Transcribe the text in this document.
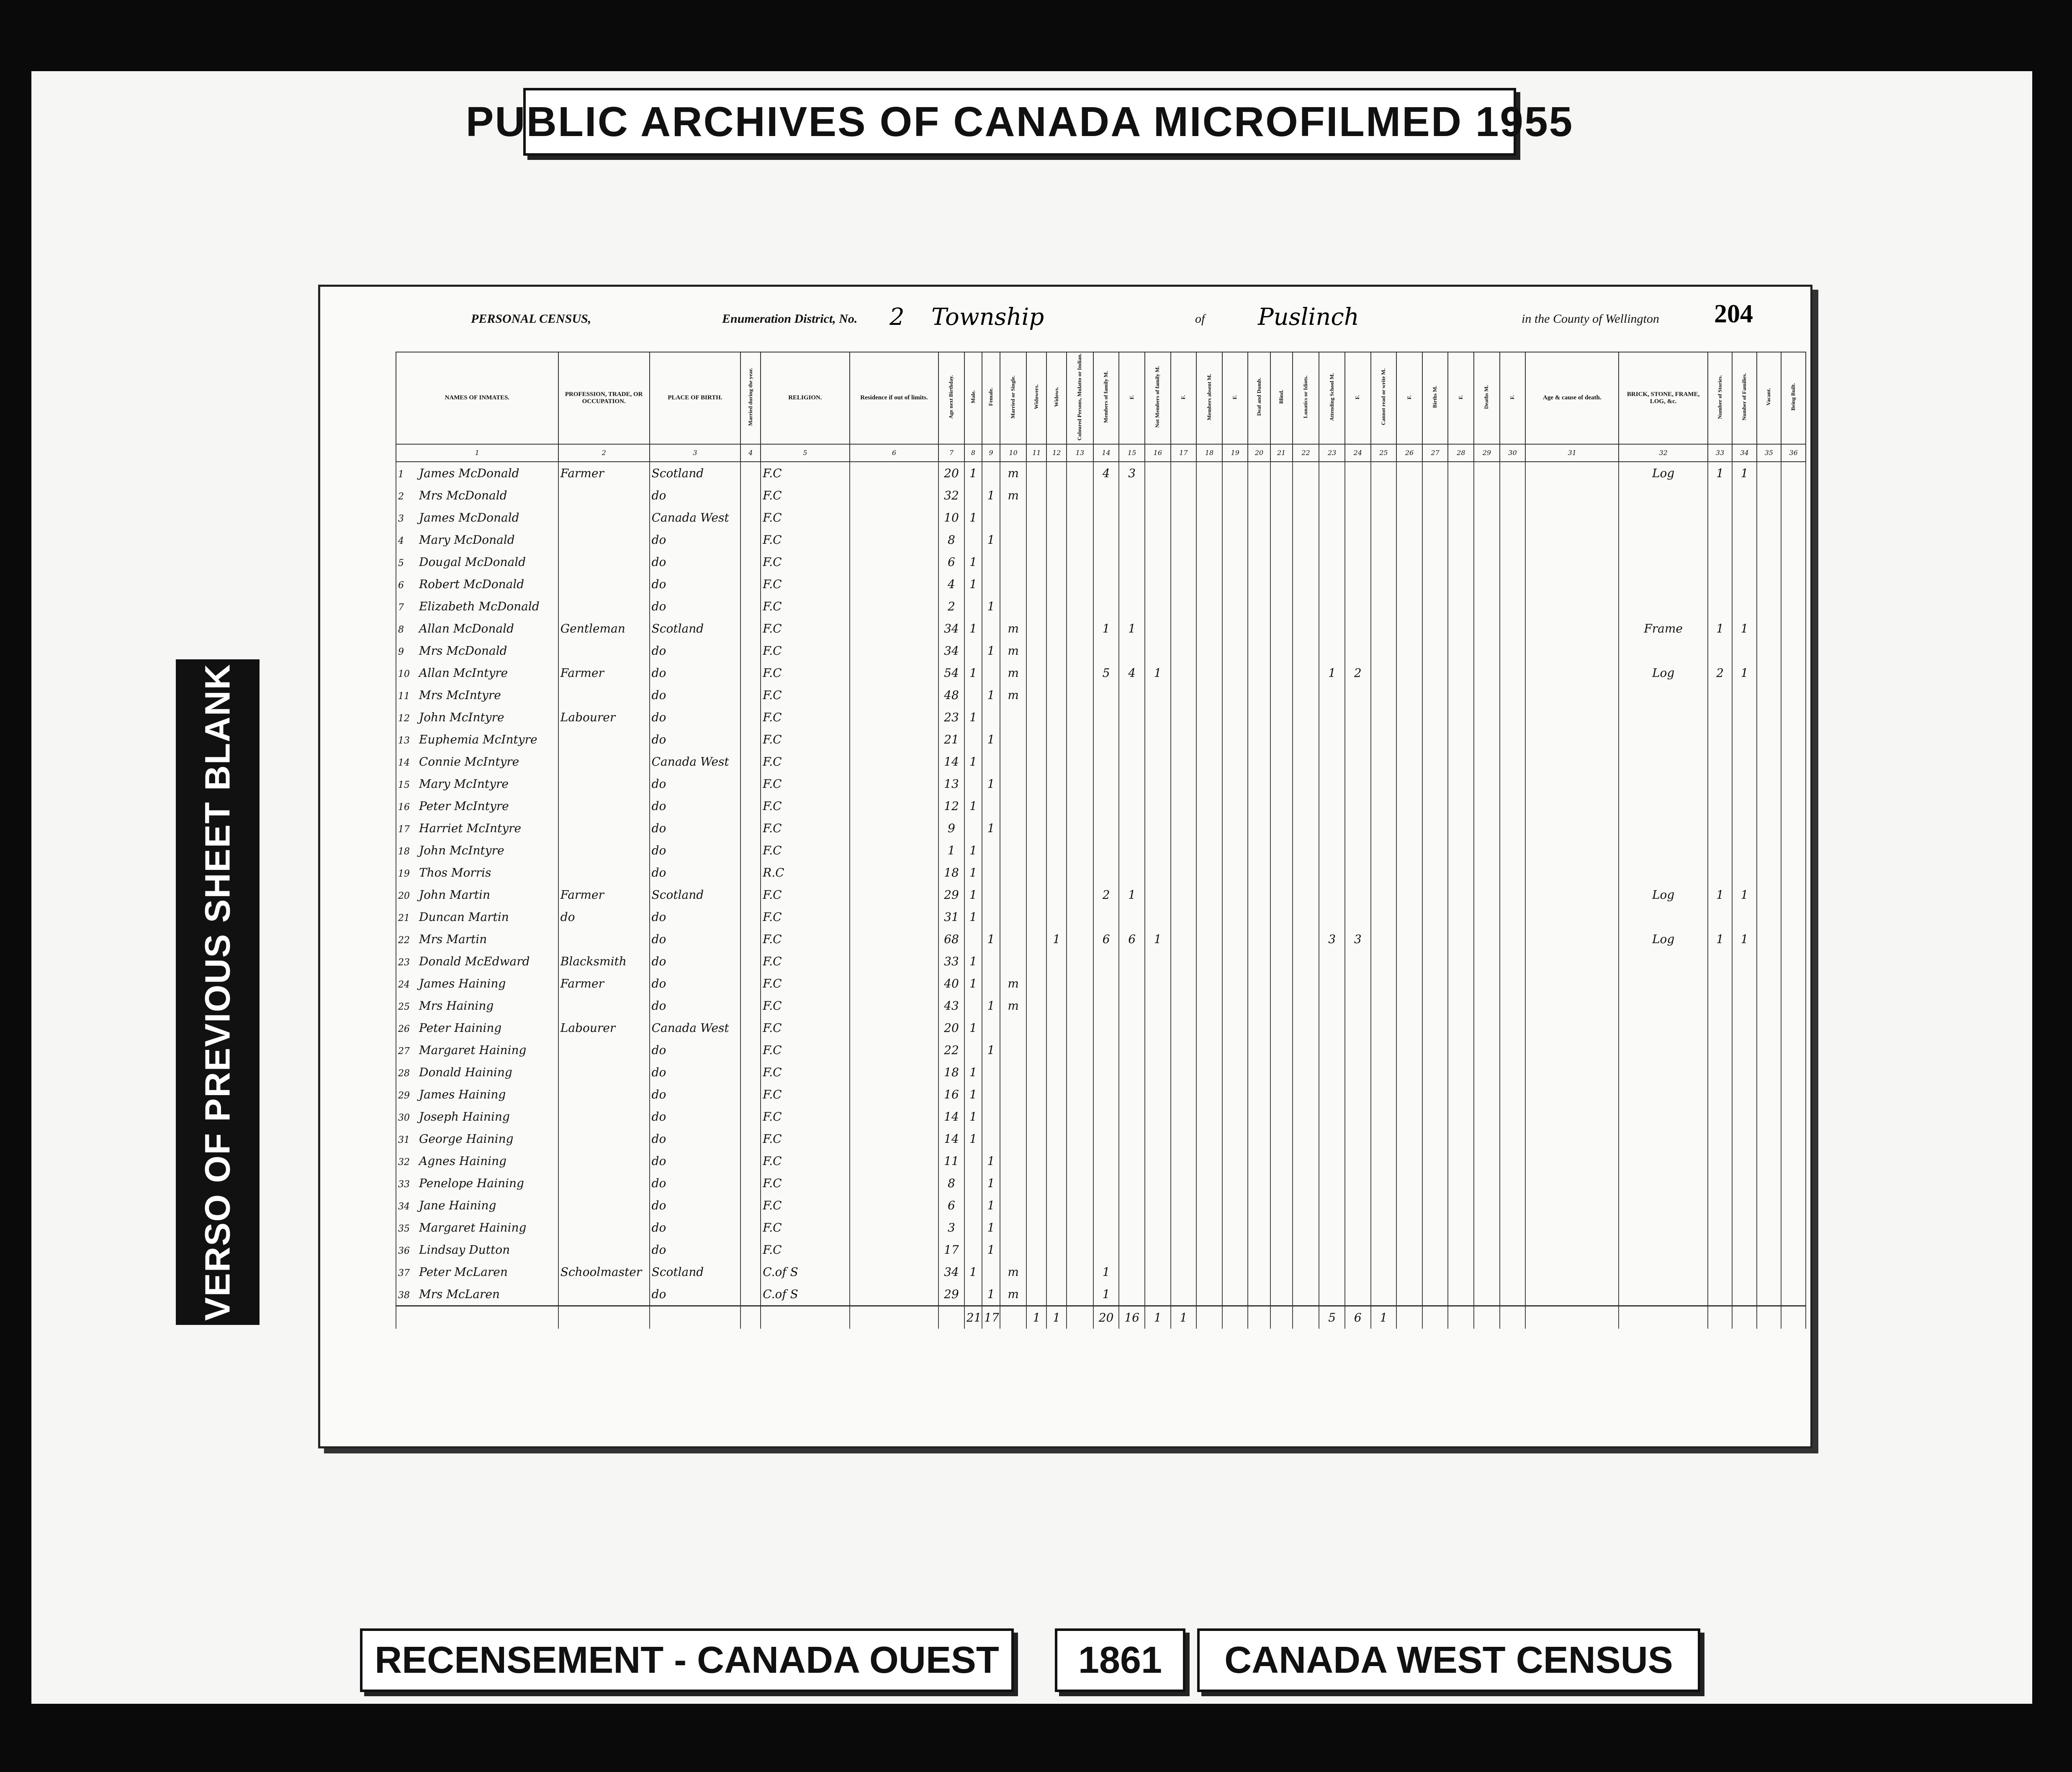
PUBLIC ARCHIVES OF CANADA MICROFILMED 1955
VERSO OF PREVIOUS SHEET BLANK
PERSONAL CENSUS,	Enumeration District, No. 2 Township	of Puslinch	in the County of Wellington 204
NAMES OF INMATES.	PROFESSION, TRADE, OR OCCUPATION.	PLACE OF BIRTH.	Married during the year.	RELIGION.	Residence if out of limits.	Age next Birthday.	Male.	Female.	Married or Single.	Widowers.	Widows.	Coloured Persons, Mulatto or Indian.	Members of family M.	F.	Not Members of family M.	F.	Members absent M.	F.	Deaf and Dumb.	Blind.	Lunatics or Idiots.	Attending School M.	F.	Cannot read or write M.	F.	Births M.	F.	Deaths M.	F.	Age & cause of death.	BRICK, STONE, FRAME, LOG, &c.	Number of Stories.	Number of Families.	Vacant.	Being Built.
1	2	3	4	5	6	7	8	9	10	11	12	13	14	15	16	17	18	19	20	21	22	23	24	25	26	27	28	29	30	31	32	33	34	35	36
1 James McDonald	Farmer	Scotland		F.C		20	1		m				4	3																	Log	1	1		
2 Mrs McDonald		do		F.C		32		1	m																										
3 James McDonald		Canada West		F.C		10	1																												
4 Mary McDonald		do		F.C		8		1																											
5 Dougal McDonald		do		F.C		6	1																												
6 Robert McDonald		do		F.C		4	1																												
7 Elizabeth McDonald		do		F.C		2		1																											
8 Allan McDonald	Gentleman	Scotland		F.C		34	1		m				1	1																	Frame	1	1		
9 Mrs McDonald		do		F.C		34		1	m																										
10 Allan McIntyre	Farmer	do		F.C		54	1		m				5	4	1							1	2								Log	2	1		
11 Mrs McIntyre		do		F.C		48		1	m																										
12 John McIntyre	Labourer	do		F.C		23	1																												
13 Euphemia McIntyre		do		F.C		21		1																											
14 Connie McIntyre		Canada West		F.C		14	1																												
15 Mary McIntyre		do		F.C		13		1																											
16 Peter McIntyre		do		F.C		12	1																												
17 Harriet McIntyre		do		F.C		9		1																											
18 John McIntyre		do		F.C		1	1																												
19 Thos Morris		do		R.C		18	1																												
20 John Martin	Farmer	Scotland		F.C		29	1						2	1																	Log	1	1		
21 Duncan Martin	do	do		F.C		31	1																												
22 Mrs Martin		do		F.C		68		1			1		6	6	1							3	3								Log	1	1		
23 Donald McEdward	Blacksmith	do		F.C		33	1																												
24 James Haining	Farmer	do		F.C		40	1		m																										
25 Mrs Haining		do		F.C		43		1	m																										
26 Peter Haining	Labourer	Canada West		F.C		20	1																												
27 Margaret Haining		do		F.C		22		1																											
28 Donald Haining		do		F.C		18	1																												
29 James Haining		do		F.C		16	1																												
30 Joseph Haining		do		F.C		14	1																												
31 George Haining		do		F.C		14	1																												
32 Agnes Haining		do		F.C		11		1																											
33 Penelope Haining		do		F.C		8		1																											
34 Jane Haining		do		F.C		6		1																											
35 Margaret Haining		do		F.C		3		1																											
36 Lindsay Dutton		do		F.C		17		1																											
37 Peter McLaren	Schoolmaster	Scotland		C.of S		34	1		m				1																						
38 Mrs McLaren		do		C.of S		29		1	m				1																						
							21	17		1	1		20	16	1	1						5	6	1											
RECENSEMENT - CANADA OUEST	1861	CANADA WEST CENSUS
